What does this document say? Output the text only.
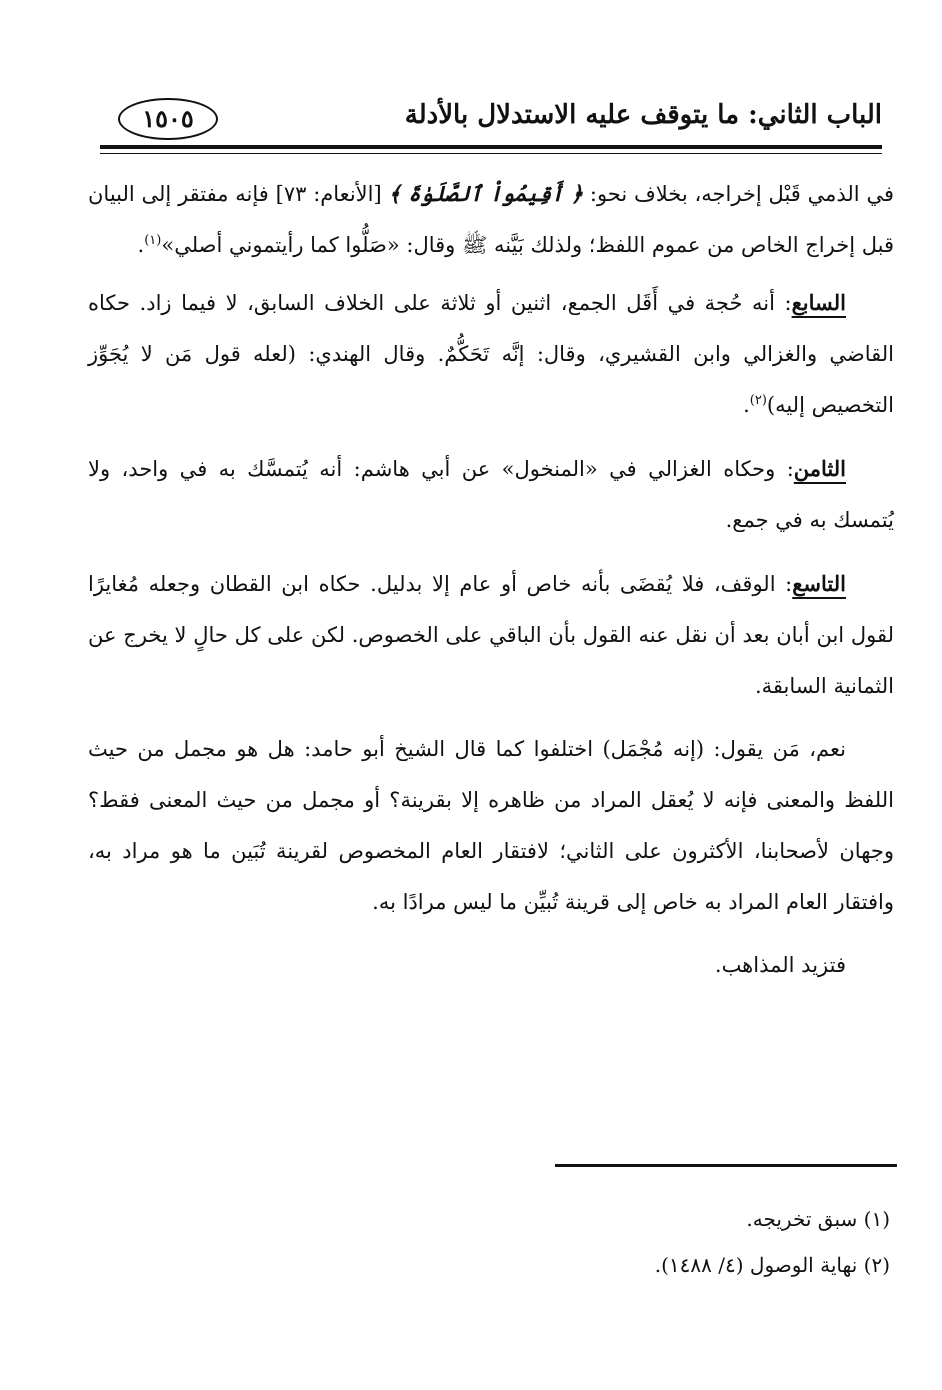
الباب الثاني: ما يتوقف عليه الاستدلال بالأدلة
١٥٠٥

في الذمي قَبْل إخراجه، بخلاف نحو: ﴿ أَقِيمُواْ ٱلصَّلَوٰةَ ﴾ [الأنعام: ٧٣] فإنه مفتقر إلى البيان قبل إخراج الخاص من عموم اللفظ؛ ولذلك بَيَّنه ﷺ وقال: «صَلُّوا كما رأيتموني أصلي»$^{(١)}$.

السابع: أنه حُجة في أَقَل الجمع، اثنين أو ثلاثة على الخلاف السابق، لا فيما زاد. حكاه القاضي والغزالي وابن القشيري، وقال: إنَّه تَحَكُّمٌ. وقال الهندي: (لعله قول مَن لا يُجَوِّز التخصيص إليه)$^{(٢)}$.

الثامن: وحكاه الغزالي في «المنخول» عن أبي هاشم: أنه يُتمسَّك به في واحد، ولا يُتمسك به في جمع.

التاسع: الوقف، فلا يُقضَى بأنه خاص أو عام إلا بدليل. حكاه ابن القطان وجعله مُغايرًا لقول ابن أبان بعد أن نقل عنه القول بأن الباقي على الخصوص. لكن على كل حالٍ لا يخرج عن الثمانية السابقة.

نعم، مَن يقول: (إنه مُجْمَل) اختلفوا كما قال الشيخ أبو حامد: هل هو مجمل من حيث اللفظ والمعنى فإنه لا يُعقل المراد من ظاهره إلا بقرينة؟ أو مجمل من حيث المعنى فقط؟ وجهان لأصحابنا، الأكثرون على الثاني؛ لافتقار العام المخصوص لقرينة تُبَين ما هو مراد به، وافتقار العام المراد به خاص إلى قرينة تُبيِّن ما ليس مرادًا به.

فتزيد المذاهب.

(١) سبق تخريجه.
(٢) نهاية الوصول (٤/ ١٤٨٨).
